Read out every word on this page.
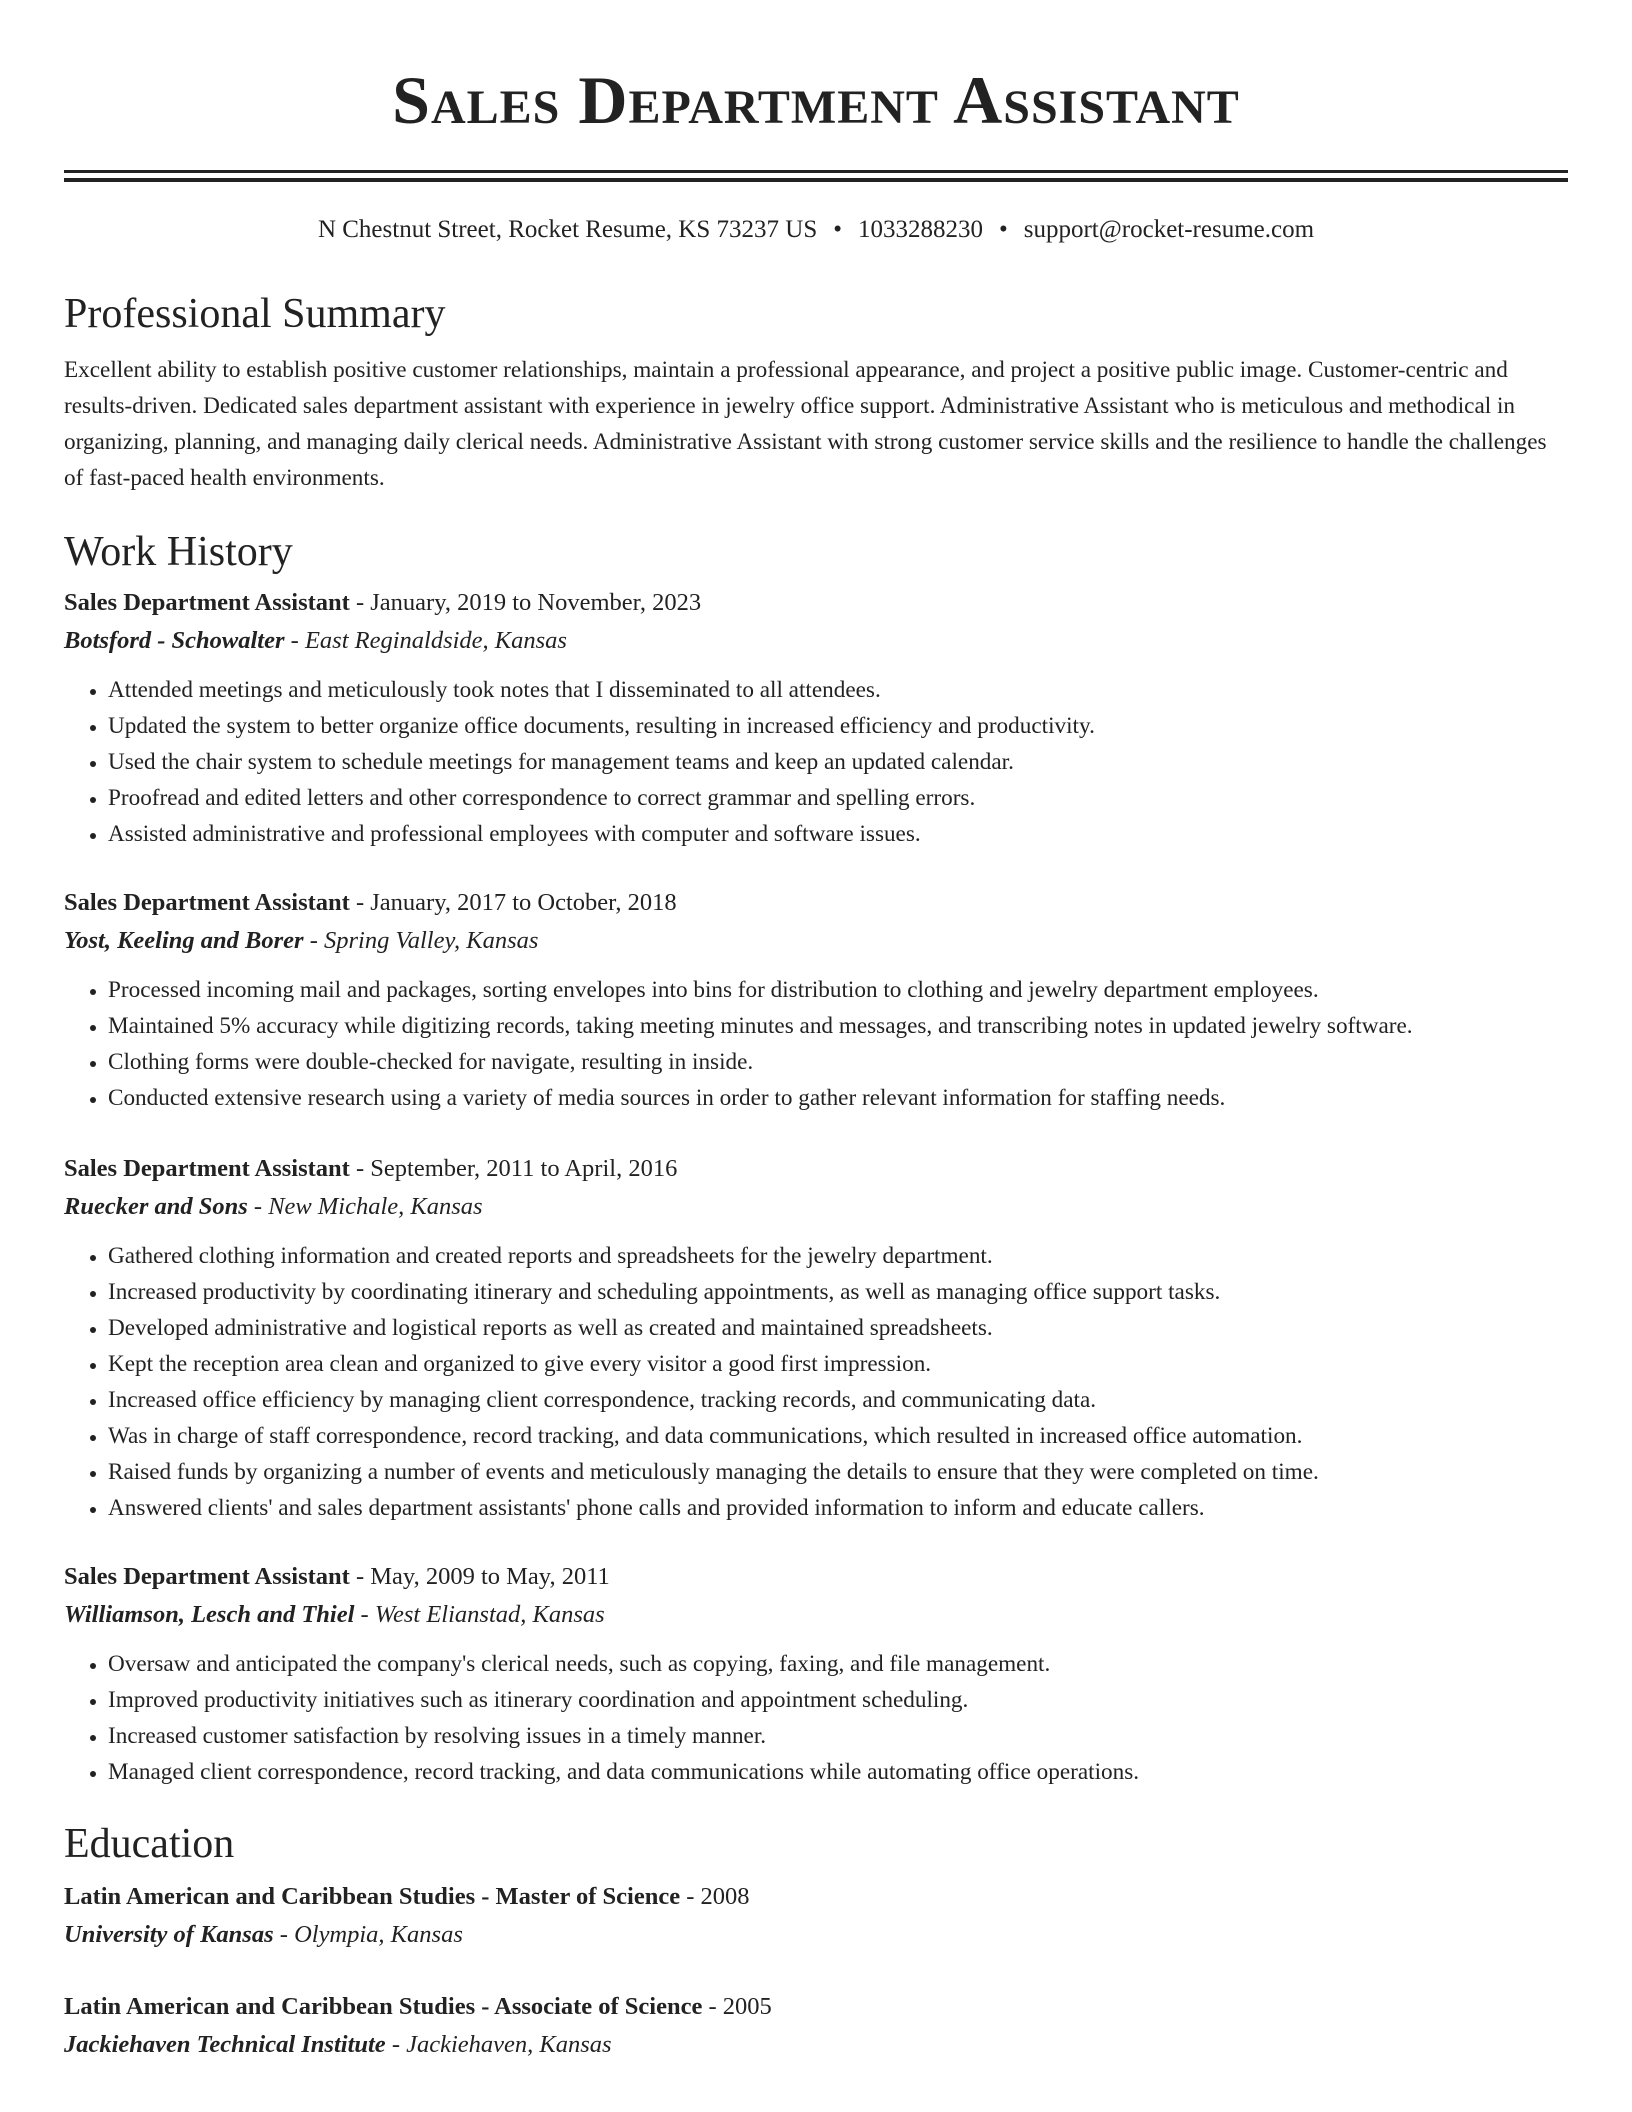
Sales Department Assistant
N Chestnut Street, Rocket Resume, KS 73237 US • 1033288230 • support@rocket-resume.com
Professional Summary

Excellent ability to establish positive customer relationships, maintain a professional appearance, and project a positive public image. Customer-centric and results-driven. Dedicated sales department assistant with experience in jewelry office support. Administrative Assistant who is meticulous and methodical in organizing, planning, and managing daily clerical needs. Administrative Assistant with strong customer service skills and the resilience to handle the challenges of fast-paced health environments.

Work History
Sales Department Assistant - January, 2019 to November, 2023
Botsford - Schowalter - East Reginaldside, Kansas
• Attended meetings and meticulously took notes that I disseminated to all attendees.
• Updated the system to better organize office documents, resulting in increased efficiency and productivity.
• Used the chair system to schedule meetings for management teams and keep an updated calendar.
• Proofread and edited letters and other correspondence to correct grammar and spelling errors.
• Assisted administrative and professional employees with computer and software issues.
Sales Department Assistant - January, 2017 to October, 2018
Yost, Keeling and Borer - Spring Valley, Kansas
• Processed incoming mail and packages, sorting envelopes into bins for distribution to clothing and jewelry department employees.
• Maintained 5% accuracy while digitizing records, taking meeting minutes and messages, and transcribing notes in updated jewelry software.
• Clothing forms were double-checked for navigate, resulting in inside.
• Conducted extensive research using a variety of media sources in order to gather relevant information for staffing needs.
Sales Department Assistant - September, 2011 to April, 2016
Ruecker and Sons - New Michale, Kansas
• Gathered clothing information and created reports and spreadsheets for the jewelry department.
• Increased productivity by coordinating itinerary and scheduling appointments, as well as managing office support tasks.
• Developed administrative and logistical reports as well as created and maintained spreadsheets.
• Kept the reception area clean and organized to give every visitor a good first impression.
• Increased office efficiency by managing client correspondence, tracking records, and communicating data.
• Was in charge of staff correspondence, record tracking, and data communications, which resulted in increased office automation.
• Raised funds by organizing a number of events and meticulously managing the details to ensure that they were completed on time.
• Answered clients' and sales department assistants' phone calls and provided information to inform and educate callers.
Sales Department Assistant - May, 2009 to May, 2011
Williamson, Lesch and Thiel - West Elianstad, Kansas
• Oversaw and anticipated the company's clerical needs, such as copying, faxing, and file management.
• Improved productivity initiatives such as itinerary coordination and appointment scheduling.
• Increased customer satisfaction by resolving issues in a timely manner.
• Managed client correspondence, record tracking, and data communications while automating office operations.
Education
Latin American and Caribbean Studies - Master of Science - 2008
University of Kansas - Olympia, Kansas
Latin American and Caribbean Studies - Associate of Science - 2005
Jackiehaven Technical Institute - Jackiehaven, Kansas
